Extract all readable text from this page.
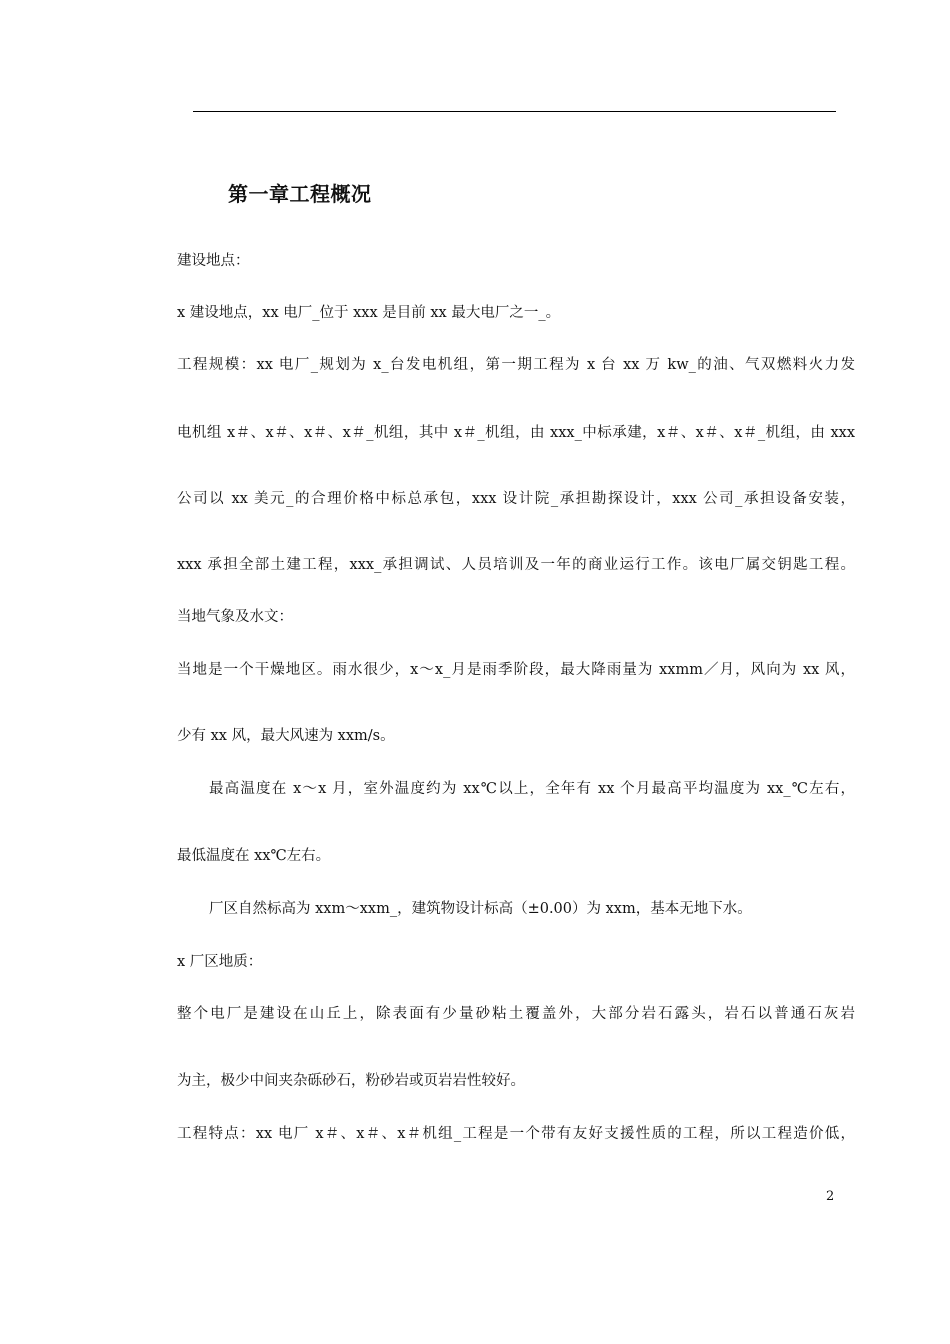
第一章工程概况
建设地点：
x 建设地点，xx 电厂_位于 xxx 是目前 xx 最大电厂之一_。
工程规模：xx 电厂_规划为 x_台发电机组，第一期工程为 x 台 xx 万 kw_的油、气双燃料火力发
电机组 x＃、x＃、x＃、x＃_机组，其中 x＃_机组，由 xxx_中标承建，x＃、x＃、x＃_机组，由 xxx
公司以 xx 美元_的合理价格中标总承包，xxx 设计院_承担勘探设计，xxx 公司_承担设备安装，
xxx 承担全部土建工程，xxx_承担调试、人员培训及一年的商业运行工作。该电厂属交钥匙工程。
当地气象及水文：
当地是一个干燥地区。雨水很少，x～x_月是雨季阶段，最大降雨量为 xxmm／月，风向为 xx 风，
少有 xx 风，最大风速为 xxm/s。
最高温度在 x～x 月，室外温度约为 xx℃以上，全年有 xx 个月最高平均温度为 xx_℃左右，
最低温度在 xx℃左右。
厂区自然标高为 xxm～xxm_，建筑物设计标高（±0.00）为 xxm，基本无地下水。
x 厂区地质：
整个电厂是建设在山丘上，除表面有少量砂粘土覆盖外，大部分岩石露头，岩石以普通石灰岩
为主，极少中间夹杂砾砂石，粉砂岩或页岩岩性较好。
工程特点：xx 电厂 x＃、x＃、x＃机组_工程是一个带有友好支援性质的工程，所以工程造价低，
2
